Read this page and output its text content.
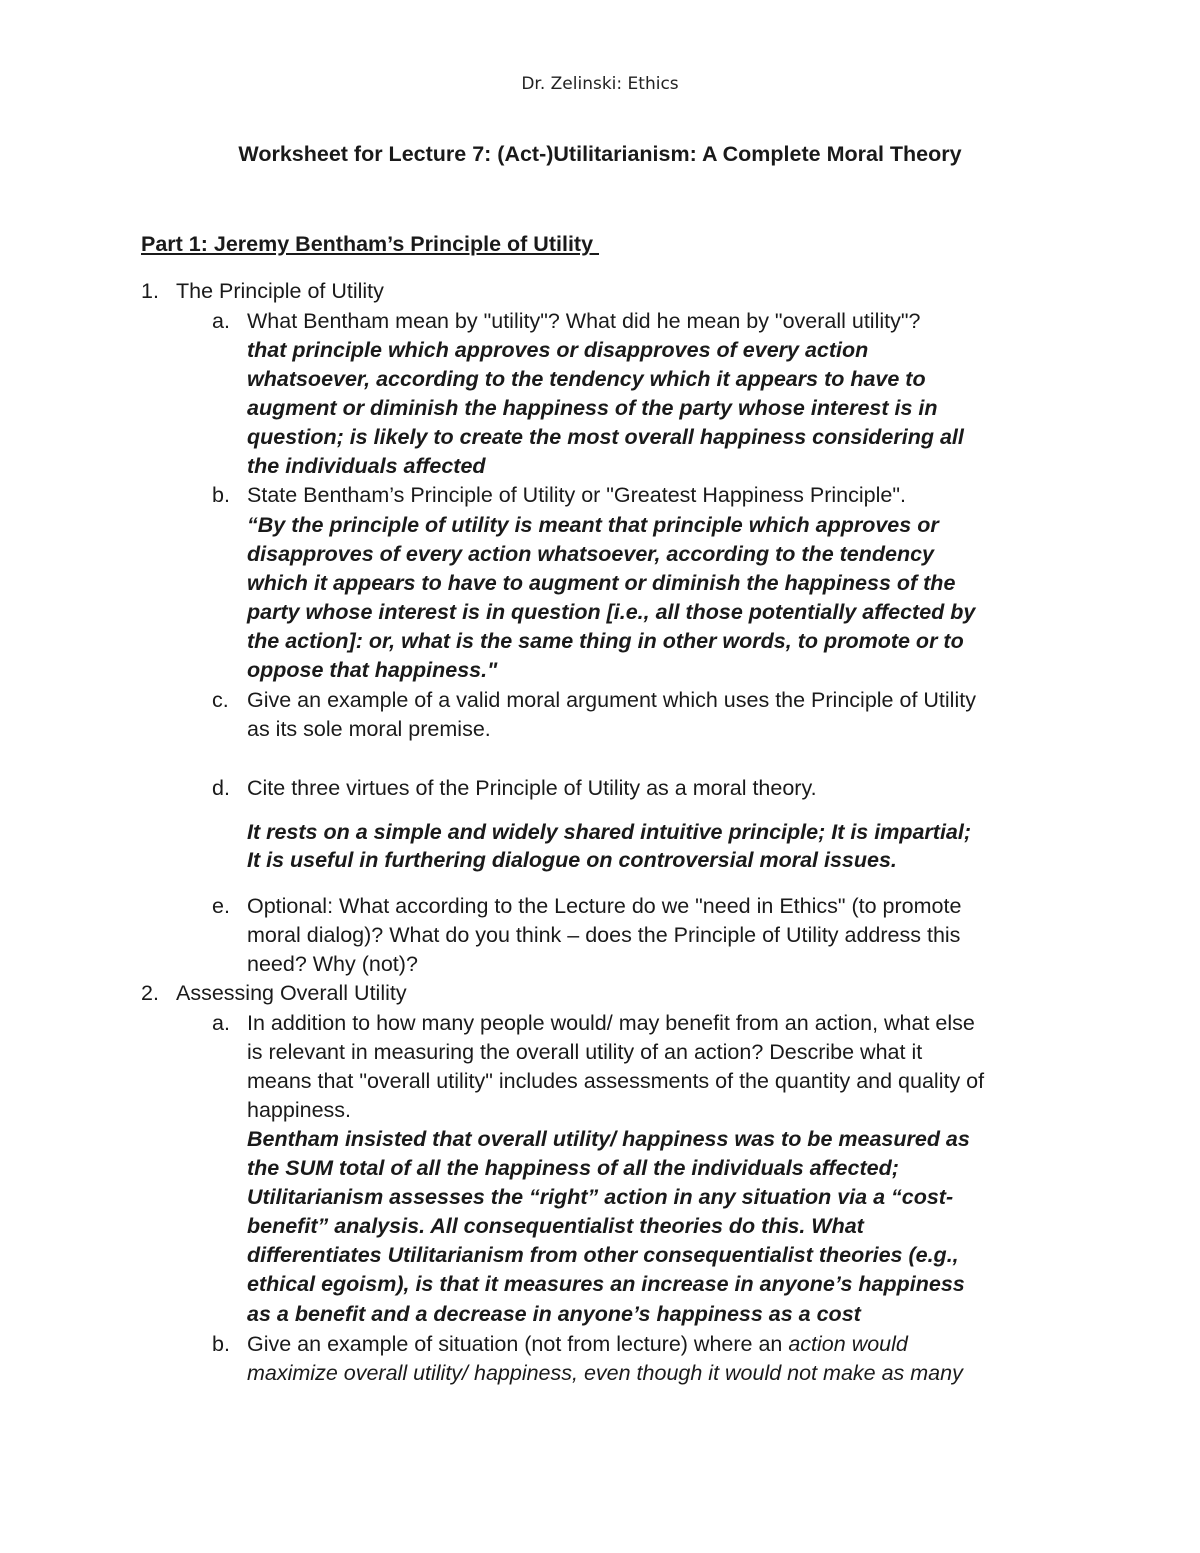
Dr. Zelinski: Ethics
Worksheet for Lecture 7: (Act-)Utilitarianism: A Complete Moral Theory
Part 1: Jeremy Bentham’s Principle of Utility
1. The Principle of Utility
a. What Bentham mean by "utility"? What did he mean by "overall utility"?
that principle which approves or disapproves of every action
whatsoever, according to the tendency which it appears to have to
augment or diminish the happiness of the party whose interest is in
question; is likely to create the most overall happiness considering all
the individuals affected
b. State Bentham’s Principle of Utility or "Greatest Happiness Principle".
“By the principle of utility is meant that principle which approves or
disapproves of every action whatsoever, according to the tendency
which it appears to have to augment or diminish the happiness of the
party whose interest is in question [i.e., all those potentially affected by
the action]: or, what is the same thing in other words, to promote or to
oppose that happiness."
c. Give an example of a valid moral argument which uses the Principle of Utility
as its sole moral premise.
d. Cite three virtues of the Principle of Utility as a moral theory.
It rests on a simple and widely shared intuitive principle; It is impartial;
It is useful in furthering dialogue on controversial moral issues.
e. Optional: What according to the Lecture do we "need in Ethics" (to promote
moral dialog)? What do you think – does the Principle of Utility address this
need? Why (not)?
2. Assessing Overall Utility
a. In addition to how many people would/ may benefit from an action, what else
is relevant in measuring the overall utility of an action? Describe what it
means that "overall utility" includes assessments of the quantity and quality of
happiness.
Bentham insisted that overall utility/ happiness was to be measured as
the SUM total of all the happiness of all the individuals affected;
Utilitarianism assesses the “right” action in any situation via a “cost-
benefit” analysis. All consequentialist theories do this. What
differentiates Utilitarianism from other consequentialist theories (e.g.,
ethical egoism), is that it measures an increase in anyone’s happiness
as a benefit and a decrease in anyone’s happiness as a cost
b. Give an example of situation (not from lecture) where an action would
maximize overall utility/ happiness, even though it would not make as many
